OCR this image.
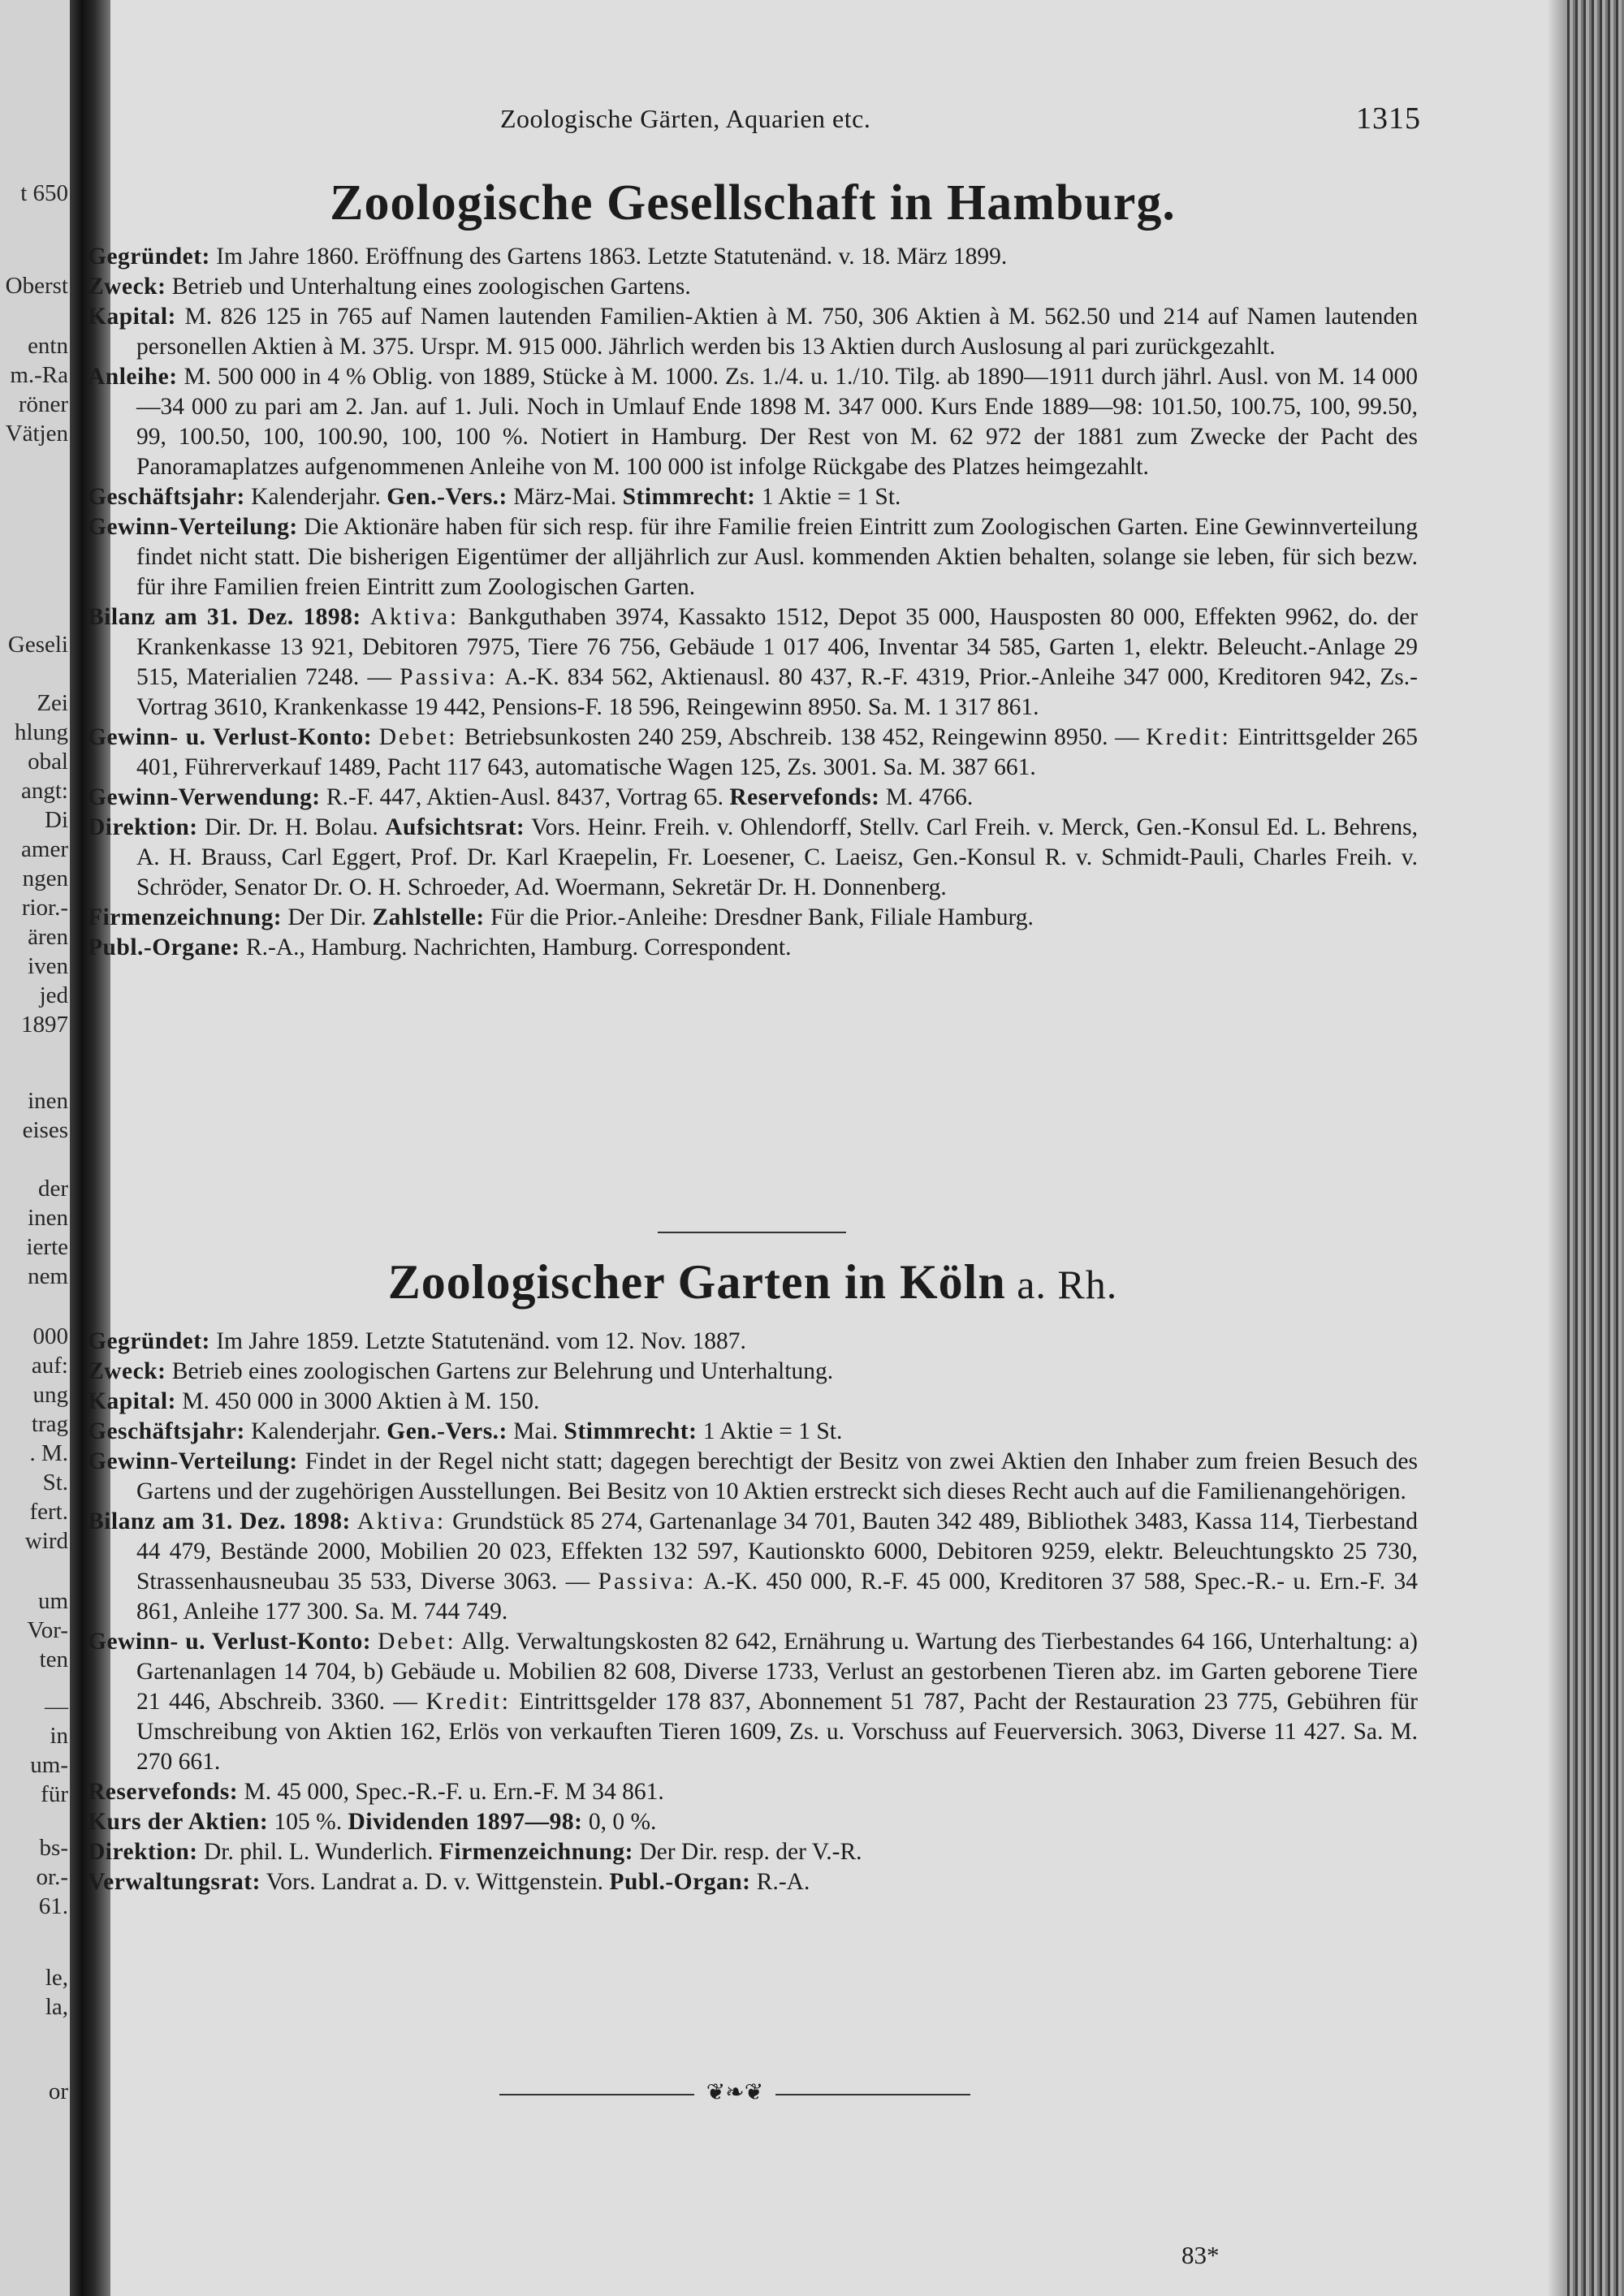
t 650
Oberst
entn
m.-Ra
röner
Vätjen
Geseli
Zei
hlung
obal
angt:
Di
amer
ngen
rior.-
ären
iven
jed
1897
inen
eises
der
inen
ierte
nem
000
auf:
ung
trag
. M.
St.
fert.
wird
um
Vor-
ten
—
in
um-
für
bs-
or.-
61.
le,
la,
or
Zoologische Gärten, Aquarien etc.	1315
Zoologische Gesellschaft in Hamburg.

Gegründet: Im Jahre 1860. Eröffnung des Gartens 1863. Letzte Statutenänd. v. 18. März 1899.

Zweck: Betrieb und Unterhaltung eines zoologischen Gartens.

Kapital: M. 826 125 in 765 auf Namen lautenden Familien-Aktien à M. 750, 306 Aktien à M. 562.50 und 214 auf Namen lautenden personellen Aktien à M. 375. Urspr. M. 915 000. Jährlich werden bis 13 Aktien durch Auslosung al pari zurückgezahlt.

Anleihe: M. 500 000 in 4 % Oblig. von 1889, Stücke à M. 1000. Zs. 1./4. u. 1./10. Tilg. ab 1890—1911 durch jährl. Ausl. von M. 14 000—34 000 zu pari am 2. Jan. auf 1. Juli. Noch in Umlauf Ende 1898 M. 347 000. Kurs Ende 1889—98: 101.50, 100.75, 100, 99.50, 99, 100.50, 100, 100.90, 100, 100 %. Notiert in Hamburg. Der Rest von M. 62 972 der 1881 zum Zwecke der Pacht des Panoramaplatzes aufgenommenen Anleihe von M. 100 000 ist infolge Rückgabe des Platzes heimgezahlt.

Geschäftsjahr: Kalenderjahr. Gen.-Vers.: März-Mai. Stimmrecht: 1 Aktie = 1 St.

Gewinn-Verteilung: Die Aktionäre haben für sich resp. für ihre Familie freien Eintritt zum Zoologischen Garten. Eine Gewinnverteilung findet nicht statt. Die bisherigen Eigentümer der alljährlich zur Ausl. kommenden Aktien behalten, solange sie leben, für sich bezw. für ihre Familien freien Eintritt zum Zoologischen Garten.

Bilanz am 31. Dez. 1898: Aktiva: Bankguthaben 3974, Kassakto 1512, Depot 35 000, Hausposten 80 000, Effekten 9962, do. der Krankenkasse 13 921, Debitoren 7975, Tiere 76 756, Gebäude 1 017 406, Inventar 34 585, Garten 1, elektr. Beleucht.-Anlage 29 515, Materialien 7248. — Passiva: A.-K. 834 562, Aktienausl. 80 437, R.-F. 4319, Prior.-Anleihe 347 000, Kreditoren 942, Zs.-Vortrag 3610, Krankenkasse 19 442, Pensions-F. 18 596, Reingewinn 8950. Sa. M. 1 317 861.

Gewinn- u. Verlust-Konto: Debet: Betriebsunkosten 240 259, Abschreib. 138 452, Reingewinn 8950. — Kredit: Eintrittsgelder 265 401, Führerverkauf 1489, Pacht 117 643, automatische Wagen 125, Zs. 3001. Sa. M. 387 661.

Gewinn-Verwendung: R.-F. 447, Aktien-Ausl. 8437, Vortrag 65. Reservefonds: M. 4766.

Direktion: Dir. Dr. H. Bolau. Aufsichtsrat: Vors. Heinr. Freih. v. Ohlendorff, Stellv. Carl Freih. v. Merck, Gen.-Konsul Ed. L. Behrens, A. H. Brauss, Carl Eggert, Prof. Dr. Karl Kraepelin, Fr. Loesener, C. Laeisz, Gen.-Konsul R. v. Schmidt-Pauli, Charles Freih. v. Schröder, Senator Dr. O. H. Schroeder, Ad. Woermann, Sekretär Dr. H. Donnenberg.

Firmenzeichnung: Der Dir. Zahlstelle: Für die Prior.-Anleihe: Dresdner Bank, Filiale Hamburg.

Publ.-Organe: R.-A., Hamburg. Nachrichten, Hamburg. Correspondent.

Zoologischer Garten in Köln a. Rh.

Gegründet: Im Jahre 1859. Letzte Statutenänd. vom 12. Nov. 1887.

Zweck: Betrieb eines zoologischen Gartens zur Belehrung und Unterhaltung.

Kapital: M. 450 000 in 3000 Aktien à M. 150.

Geschäftsjahr: Kalenderjahr. Gen.-Vers.: Mai. Stimmrecht: 1 Aktie = 1 St.

Gewinn-Verteilung: Findet in der Regel nicht statt; dagegen berechtigt der Besitz von zwei Aktien den Inhaber zum freien Besuch des Gartens und der zugehörigen Ausstellungen. Bei Besitz von 10 Aktien erstreckt sich dieses Recht auch auf die Familienangehörigen.

Bilanz am 31. Dez. 1898: Aktiva: Grundstück 85 274, Gartenanlage 34 701, Bauten 342 489, Bibliothek 3483, Kassa 114, Tierbestand 44 479, Bestände 2000, Mobilien 20 023, Effekten 132 597, Kautionskto 6000, Debitoren 9259, elektr. Beleuchtungskto 25 730, Strassenhausneubau 35 533, Diverse 3063. — Passiva: A.-K. 450 000, R.-F. 45 000, Kreditoren 37 588, Spec.-R.- u. Ern.-F. 34 861, Anleihe 177 300. Sa. M. 744 749.

Gewinn- u. Verlust-Konto: Debet: Allg. Verwaltungskosten 82 642, Ernährung u. Wartung des Tierbestandes 64 166, Unterhaltung: a) Gartenanlagen 14 704, b) Gebäude u. Mobilien 82 608, Diverse 1733, Verlust an gestorbenen Tieren abz. im Garten geborene Tiere 21 446, Abschreib. 3360. — Kredit: Eintrittsgelder 178 837, Abonnement 51 787, Pacht der Restauration 23 775, Gebühren für Umschreibung von Aktien 162, Erlös von verkauften Tieren 1609, Zs. u. Vorschuss auf Feuerversich. 3063, Diverse 11 427. Sa. M. 270 661.

Reservefonds: M. 45 000, Spec.-R.-F. u. Ern.-F. M 34 861.

Kurs der Aktien: 105 %. Dividenden 1897—98: 0, 0 %.

Direktion: Dr. phil. L. Wunderlich. Firmenzeichnung: Der Dir. resp. der V.-R.

Verwaltungsrat: Vors. Landrat a. D. v. Wittgenstein. Publ.-Organ: R.-A.

❦❧❦
83*
